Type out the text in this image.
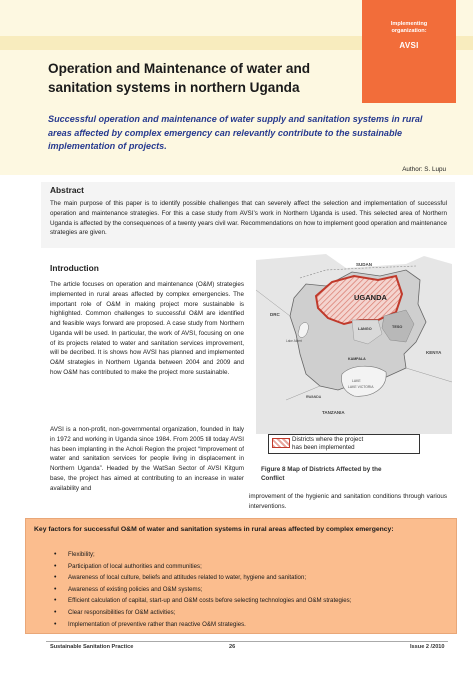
Implementing
organization:
AVSI
Operation and Maintenance of water and
sanitation systems in northern Uganda
Successful operation and maintenance of water supply and sanitation systems in rural areas affected by complex emergency can relevantly contribute to the sustainable implementation of projects.
Author: S. Lupu
Abstract
The main purpose of this paper is to identify possible challenges that can severely affect the selection and implementation of successful operation and maintenance strategies. For this a case study from AVSI’s work in Northern Uganda is used. This selected area of Northern Uganda is affected by the consequences of a twenty years civil war. Recommendations on how to implement good operation and maintenance strategies are given.
Introduction
The article focuses on operation and maintenance (O&M) strategies implemented in rural areas affected by complex emergencies. The important role of O&M in making project more sustainable is highlighted. Common challenges to successful O&M are identified and feasible ways forward are proposed. A case study from Northern Uganda will be used. In particular, the work of AVSI, focusing on one of its projects related to water and sanitation services improvement, will be decribed. It is shows how AVSI has planned and implemented O&M strategies in Northern Uganda between 2004 and 2009 and how O&M has contributed to make the project more sustainable.
AVSI is a non-profit, non-governmental organization, founded in Italy in 1972 and working in Uganda since 1984. From 2005 till today AVSI has been implanting in the Acholi Region the project “Improvement of water and sanitation services for people living in displacement in Northern Uganda”. Headed by the WatSan Sector of AVSI Kitgum base, the project has aimed at contributing to an increase in water availability and
improvement of the hygienic and sanitation conditions through various interventions.
SUDAN
UGANDA
DRC
KENYA
TANZANIA
LANGO	TESO
KAMPALA
LAKE
LAKE VICTORIA
Lake Albert
RWANDA
Districts where the project
has been implemented
Figure 8 Map of Districts Affected by the
Conflict
Key factors for successful O&M of water and sanitation systems in rural areas affected by complex emergency:
• Flexibility;
• Participation of local authorities and communities;
• Awareness of local culture, beliefs and attitudes related to water, hygiene and sanitation;
• Awareness of existing policies and O&M systems;
• Efficient calculation of capital, start-up and O&M costs before selecting technologies and O&M strategies;
• Clear responsibilities for O&M activities;
• Implementation of preventive rather than reactive O&M strategies.
Sustainable Sanitation Practice	26	Issue 2 /2010
